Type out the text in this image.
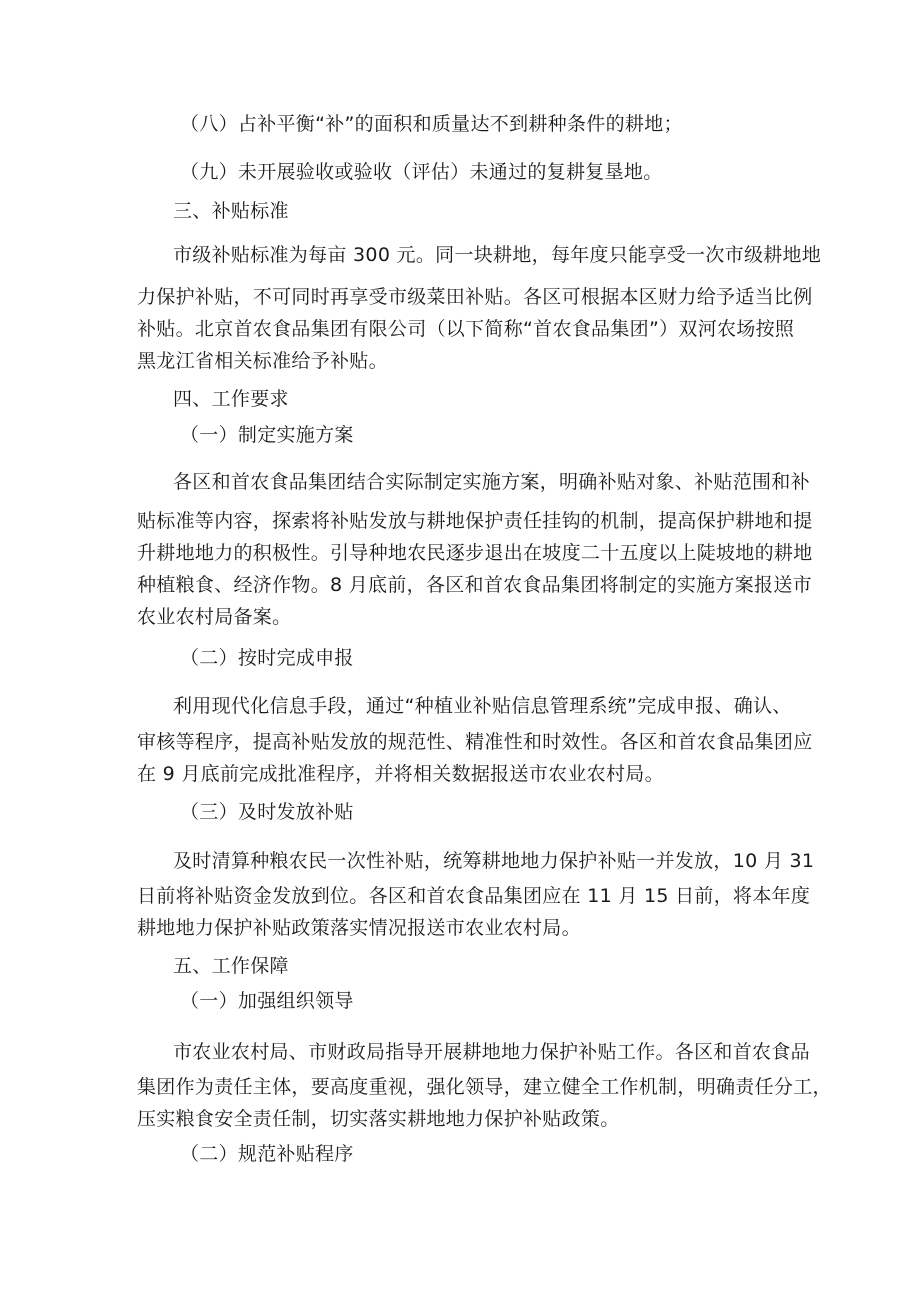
（八）占补平衡“补”的面积和质量达不到耕种条件的耕地；
（九）未开展验收或验收（评估）未通过的复耕复垦地。
三、补贴标准
市级补贴标准为每亩 300 元。同一块耕地，每年度只能享受一次市级耕地地
力保护补贴，不可同时再享受市级菜田补贴。各区可根据本区财力给予适当比例
补贴。北京首农食品集团有限公司（以下简称“首农食品集团”）双河农场按照
黑龙江省相关标准给予补贴。
四、工作要求
（一）制定实施方案
各区和首农食品集团结合实际制定实施方案，明确补贴对象、补贴范围和补
贴标准等内容，探索将补贴发放与耕地保护责任挂钩的机制，提高保护耕地和提
升耕地地力的积极性。引导种地农民逐步退出在坡度二十五度以上陡坡地的耕地
种植粮食、经济作物。8 月底前，各区和首农食品集团将制定的实施方案报送市
农业农村局备案。
（二）按时完成申报
利用现代化信息手段，通过“种植业补贴信息管理系统”完成申报、确认、
审核等程序，提高补贴发放的规范性、精准性和时效性。各区和首农食品集团应
在 9 月底前完成批准程序，并将相关数据报送市农业农村局。
（三）及时发放补贴
及时清算种粮农民一次性补贴，统筹耕地地力保护补贴一并发放，10 月 31
日前将补贴资金发放到位。各区和首农食品集团应在 11 月 15 日前，将本年度
耕地地力保护补贴政策落实情况报送市农业农村局。
五、工作保障
（一）加强组织领导
市农业农村局、市财政局指导开展耕地地力保护补贴工作。各区和首农食品
集团作为责任主体，要高度重视，强化领导，建立健全工作机制，明确责任分工，
压实粮食安全责任制，切实落实耕地地力保护补贴政策。
（二）规范补贴程序
